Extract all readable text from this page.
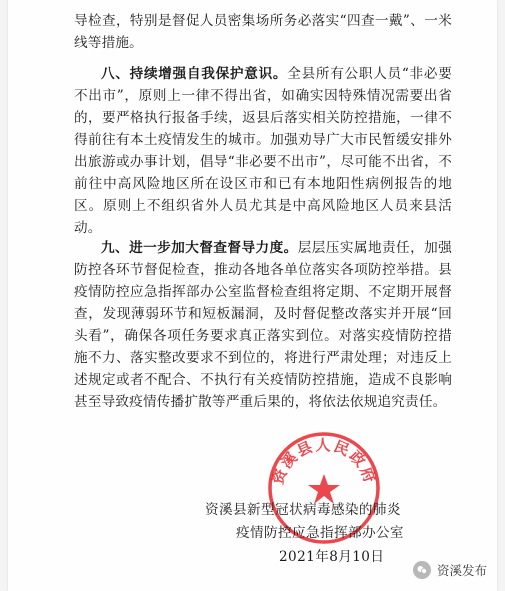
导检查，特别是督促人员密集场所务必落实“四查一戴”、一米线等措施。

八、持续增强自我保护意识。全县所有公职人员“非必要不出市”，原则上一律不得出省，如确实因特殊情况需要出省的，要严格执行报备手续，返县后落实相关防控措施，一律不得前往有本土疫情发生的城市。加强劝导广大市民暂缓安排外出旅游或办事计划，倡导“非必要不出市”，尽可能不出省，不前往中高风险地区所在设区市和已有本地阳性病例报告的地区。原则上不组织省外人员尤其是中高风险地区人员来县活动。

九、进一步加大督查督导力度。层层压实属地责任，加强防控各环节督促检查，推动各地各单位落实各项防控举措。县疫情防控应急指挥部办公室监督检查组将定期、不定期开展督查，发现薄弱环节和短板漏洞，及时督促整改落实并开展“回头看”，确保各项任务要求真正落实到位。对落实疫情防控措施不力、落实整改要求不到位的，将进行严肃处理；对违反上述规定或者不配合、不执行有关疫情防控措施，造成不良影响甚至导致疫情传播扩散等严重后果的，将依法依规追究责任。

资溪县人民政府
资溪县新型冠状病毒感染的肺炎
疫情防控应急指挥部办公室
2021年8月10日
资溪发布
